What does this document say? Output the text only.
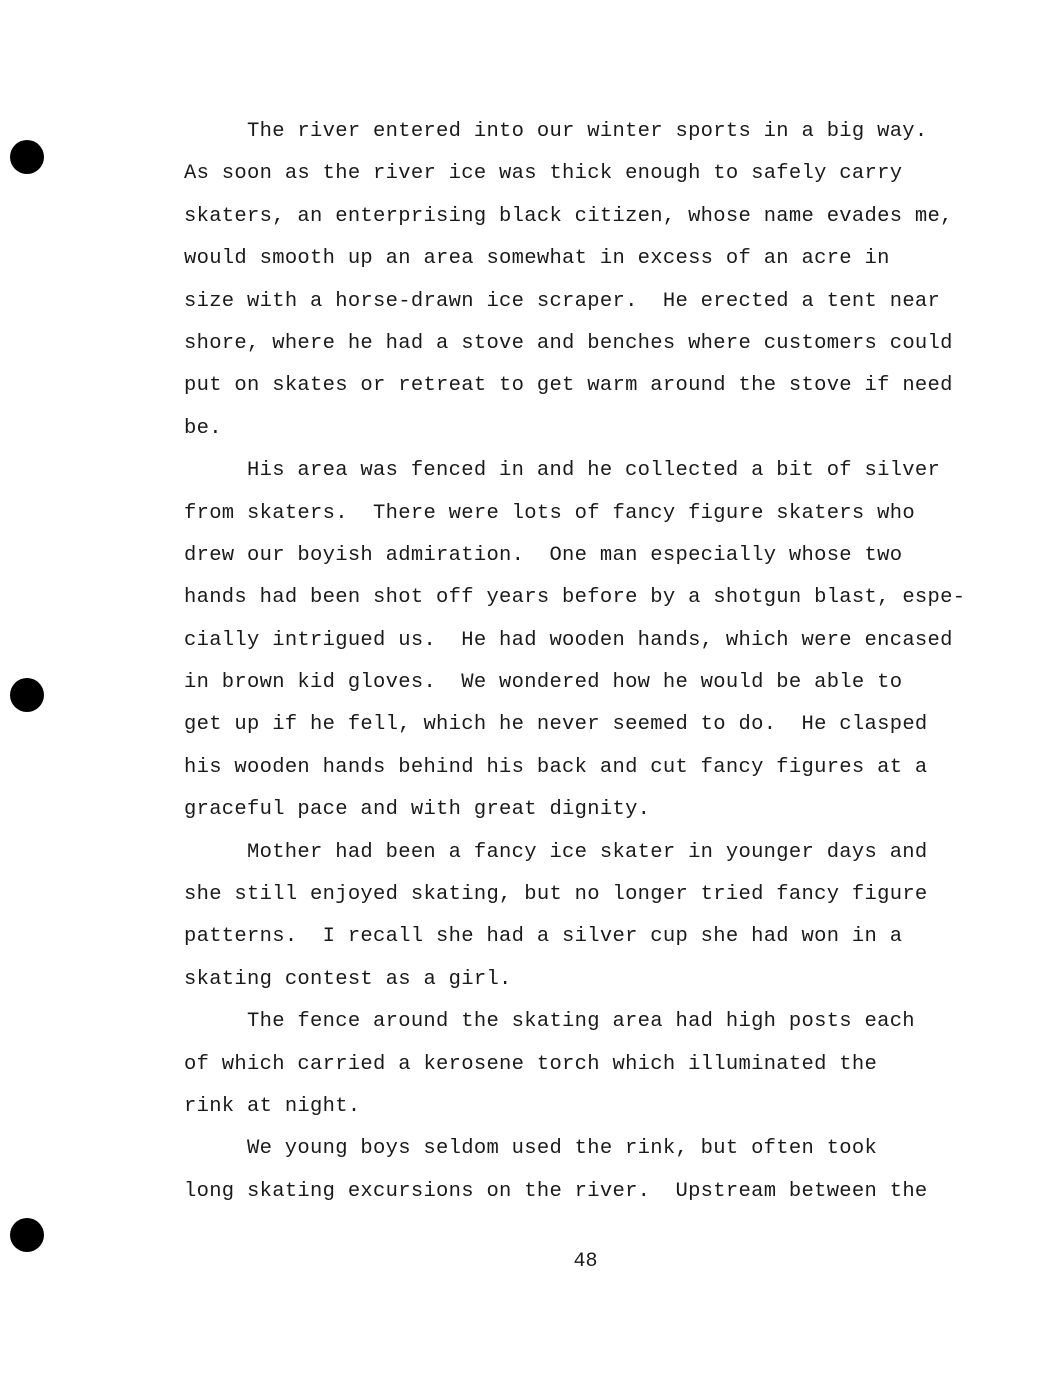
The river entered into our winter sports in a big way.
As soon as the river ice was thick enough to safely carry
skaters, an enterprising black citizen, whose name evades me,
would smooth up an area somewhat in excess of an acre in
size with a horse-drawn ice scraper.  He erected a tent near
shore, where he had a stove and benches where customers could
put on skates or retreat to get warm around the stove if need
be.
His area was fenced in and he collected a bit of silver
from skaters.  There were lots of fancy figure skaters who
drew our boyish admiration.  One man especially whose two
hands had been shot off years before by a shotgun blast, espe-
cially intrigued us.  He had wooden hands, which were encased
in brown kid gloves.  We wondered how he would be able to
get up if he fell, which he never seemed to do.  He clasped
his wooden hands behind his back and cut fancy figures at a
graceful pace and with great dignity.
Mother had been a fancy ice skater in younger days and
she still enjoyed skating, but no longer tried fancy figure
patterns.  I recall she had a silver cup she had won in a
skating contest as a girl.
The fence around the skating area had high posts each
of which carried a kerosene torch which illuminated the
rink at night.
We young boys seldom used the rink, but often took
long skating excursions on the river.  Upstream between the
48
